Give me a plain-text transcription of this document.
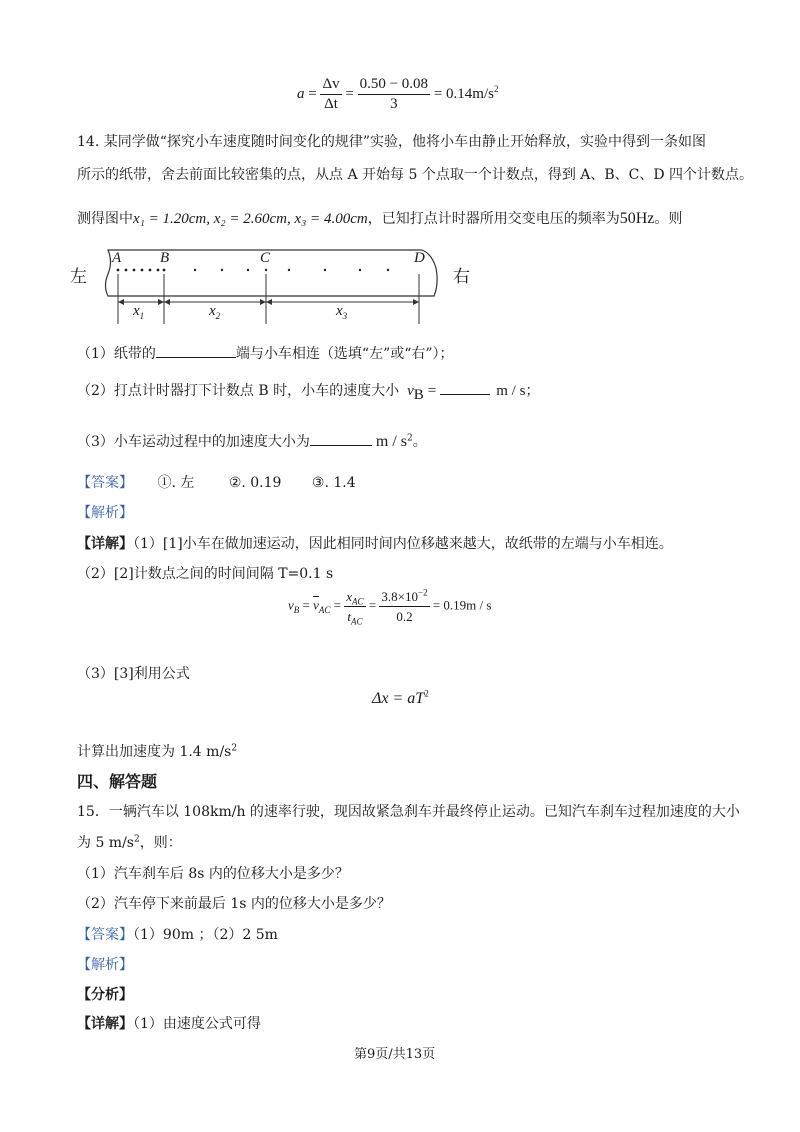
$a = \frac{\Delta v}{\Delta t} = \frac{0.50 - 0.08}{3} = 0.14m/s^2$
14. 某同学做“探究小车速度随时间变化的规律”实验，他将小车由静止开始释放，实验中得到一条如图
所示的纸带，舍去前面比较密集的点，从点 A 开始每 5 个点取一个计数点，得到 A、B、C、D 四个计数点。
测得图中x₁ = 1.20cm, x₂ = 2.60cm, x₃ = 4.00cm，已知打点计时器所用交变电压的频率为50Hz。则
左	右
A	B	C	D
$x_1$	$x_2$	$x_3$
（1）纸带的	端与小车相连（选填“左”或“右”）；
（2）打点计时器打下计数点 B 时，小车的速度大小 $v_B$ =	m / s；
（3）小车运动过程中的加速度大小为	m / $s^2$。
【答案】 ①. 左 ②. 0.19 ③. 1.4
【解析】
【详解】（1）[1]小车在做加速运动，因此相同时间内位移越来越大，故纸带的左端与小车相连。
（2）[2]计数点之间的时间间隔 T=0.1 s
$v_B = \overline{v}_{AC} = \frac{x_{AC}}{t_{AC}} = \frac{3.8\times 10^{-2}}{0.2} = 0.19m / s$
（3）[3]利用公式
$\Delta x = aT^2$
计算出加速度为 1.4 $m/s^2$
四、解答题
15．一辆汽车以 108km/h 的速率行驶，现因故紧急刹车并最终停止运动。已知汽车刹车过程加速度的大小
为 5 $m/s^2$，则：
（1）汽车刹车后 8s 内的位移大小是多少？
（2）汽车停下来前最后 1s 内的位移大小是多少？
【答案】（1）90m ；（2）2 5m
【解析】
【分析】
【详解】（1）由速度公式可得
第9页/共13页
